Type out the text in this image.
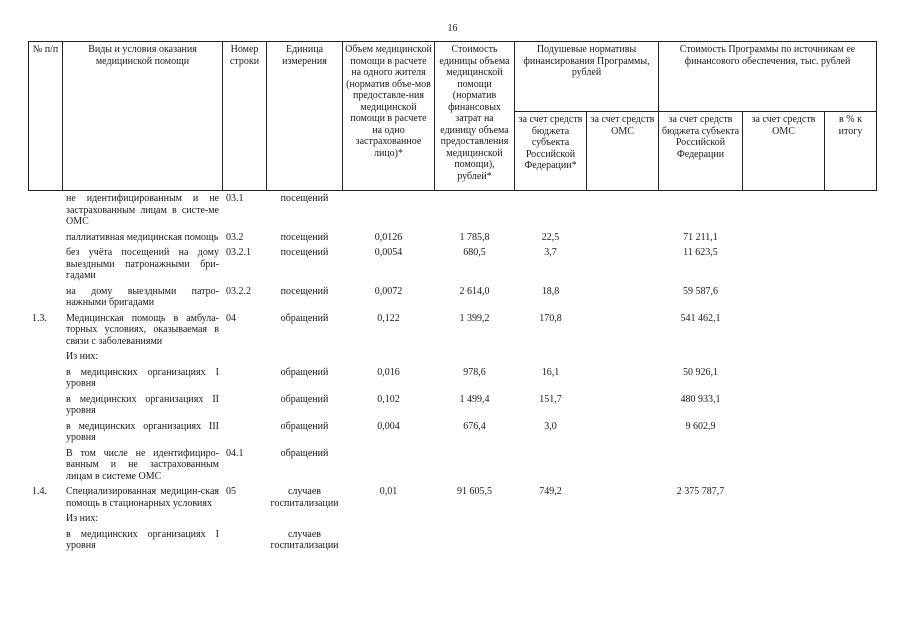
16
№ п/п	Виды и условия оказания медицинской помощи	Номер строки	Единица измерения	Объем медицинской помощи в расчете на одного жителя (норматив объе-мов предоставле-ния медицинской помощи в расчете на одно застрахованное лицо)*	Стоимость единицы объема медицинской помощи (норматив финансовых затрат на единицу объема предоставления медицинской помощи), рублей*	Подушевые нормативы финансирования Программы, рублей		Стоимость Программы по источникам ее финансового обеспечения, тыс. рублей		
						за счет средств бюджета субъекта Российской Федерации*	за счет средств ОМС	за счет средств бюджета субъекта Российской Федерации	за счет средств ОМС	в % к итогу
	не идентифицированным и не застрахованным лицам в систе-ме ОМС	03.1	посещений							
	паллиативная медицинская помощь	03.2	посещений	0,0126	1 785,8	22,5		71 211,1		
	без учёта посещений на дому выездными патронажными бри-гадами	03.2.1	посещений	0,0054	680,5	3,7		11 623,5		
	на дому выездными патро-нажными бригадами	03.2.2	посещений	0,0072	2 614,0	18,8		59 587,6		
1.3.	Медицинская помощь в амбула-торных условиях, оказываемая в связи с заболеваниями	04	обращений	0,122	1 399,2	170,8		541 462,1		
	Из них:									
	в медицинских организациях I уровня		обращений	0,016	978,6	16,1		50 926,1		
	в медицинских организациях II уровня		обращений	0,102	1 499,4	151,7		480 933,1		
	в медицинских организациях III уровня		обращений	0,004	676,4	3,0		9 602,9		
	В том числе не идентифициро-ванным и не застрахованным лицам в системе ОМС	04.1	обращений							
1.4.	Специализированная медицин-ская помощь в стационарных условиях	05	случаев госпитализации	0,01	91 605,5	749,2		2 375 787,7		
	Из них:									
	в медицинских организациях I уровня		случаев госпитализации							
